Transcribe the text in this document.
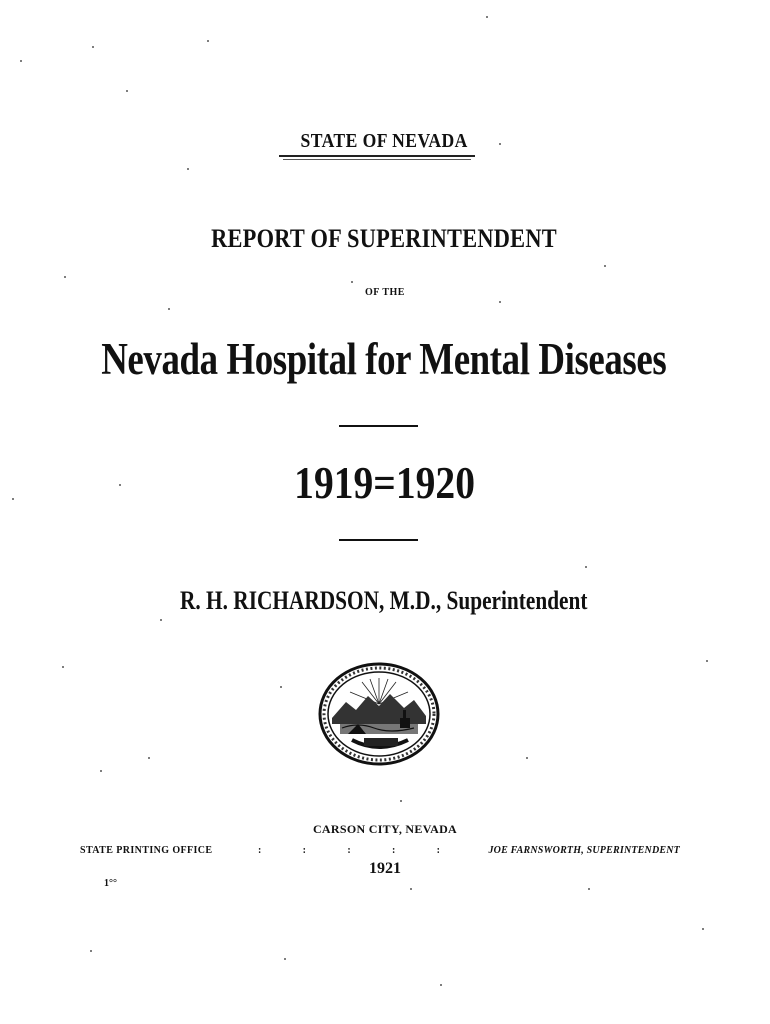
STATE OF NEVADA
REPORT OF SUPERINTENDENT
OF THE
Nevada Hospital for Mental Diseases
1919=1920
R. H. RICHARDSON, M.D., Superintendent
CARSON CITY, NEVADA
STATE PRINTING OFFICE	:	:	:	:	:	JOE FARNSWORTH, SUPERINTENDENT
1921
1°°
